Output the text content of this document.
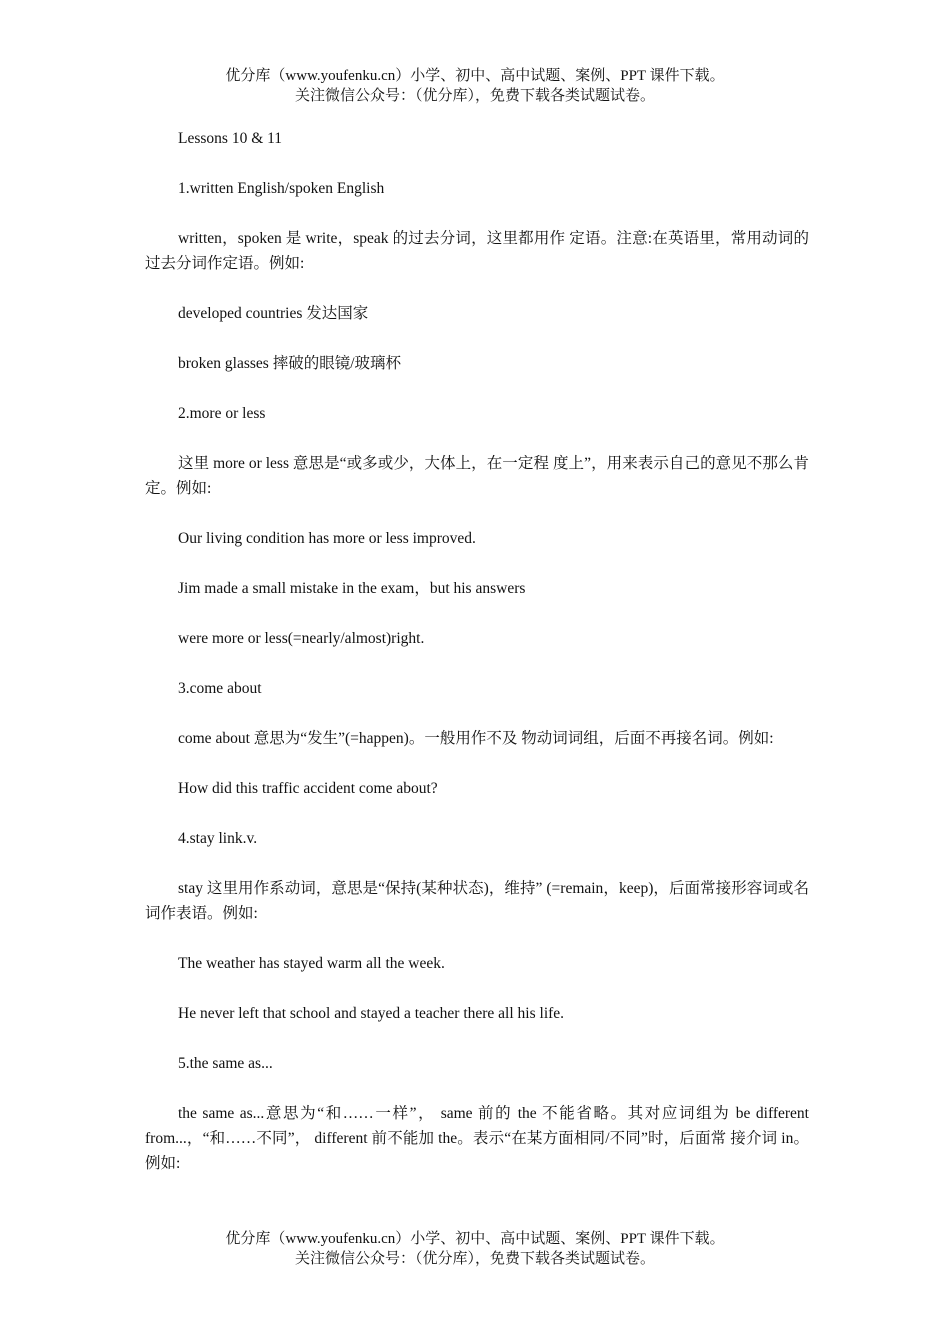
优分库（www.youfenku.cn）小学、初中、高中试题、案例、PPT 课件下载。
关注微信公众号：（优分库），免费下载各类试题试卷。

Lessons 10 & 11

1.written English/spoken English

written，spoken 是 write，speak 的过去分词，这里都用作 定语。注意:在英语里，常用动词的过去分词作定语。例如:

developed countries 发达国家

broken glasses 摔破的眼镜/玻璃杯

2.more or less

这里 more or less 意思是“或多或少，大体上，在一定程 度上”，用来表示自己的意见不那么肯定。例如:

Our living condition has more or less improved.

Jim made a small mistake in the exam，but his answers

were more or less(=nearly/almost)right.

3.come about

come about 意思为“发生”(=happen)。一般用作不及 物动词词组，后面不再接名词。例如:

How did this traffic accident come about?

4.stay link.v.

stay 这里用作系动词，意思是“保持(某种状态)，维持” (=remain，keep)，后面常接形容词或名词作表语。例如:

The weather has stayed warm all the week.

He never left that school and stayed a teacher there all his life.

5.the same as...

the same as...意思为“和……一样”， same 前的 the 不能省略。其对应词组为 be different from...，“和……不同”， different 前不能加 the。表示“在某方面相同/不同”时，后面常 接介词 in。例如:

优分库（www.youfenku.cn）小学、初中、高中试题、案例、PPT 课件下载。
关注微信公众号：（优分库），免费下载各类试题试卷。
